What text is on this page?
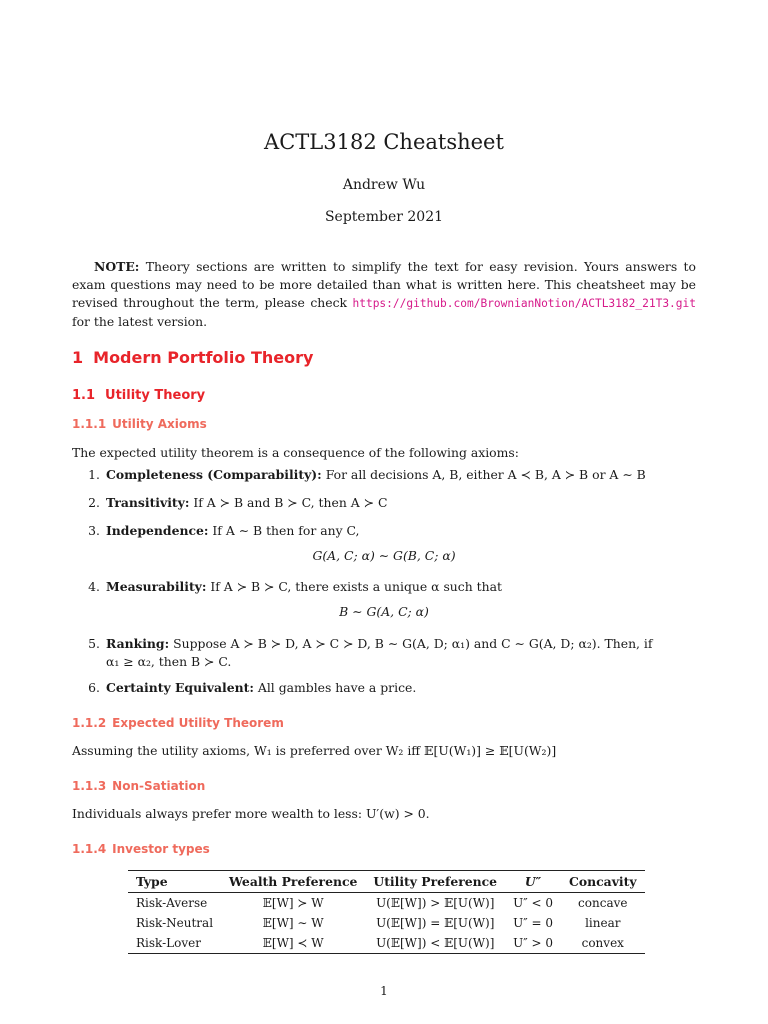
ACTL3182 Cheatsheet
Andrew Wu
September 2021
NOTE: Theory sections are written to simplify the text for easy revision. Yours answers to exam questions may need to be more detailed than what is written here. This cheatsheet may be revised throughout the term, please check https://github.com/BrownianNotion/ACTL3182_21T3.git for the latest version.
1 Modern Portfolio Theory
1.1 Utility Theory
1.1.1 Utility Axioms
The expected utility theorem is a consequence of the following axioms:
1. Completeness (Comparability): For all decisions A, B, either A ≺ B, A ≻ B or A ∼ B
2. Transitivity: If A ≻ B and B ≻ C, then A ≻ C
3. Independence: If A ∼ B then for any C,
G(A, C; α) ∼ G(B, C; α)
4. Measurability: If A ≻ B ≻ C, there exists a unique α such that
B ∼ G(A, C; α)
5. Ranking: Suppose A ≻ B ≻ D, A ≻ C ≻ D, B ∼ G(A, D; α₁) and C ∼ G(A, D; α₂). Then, if
α₁ ≥ α₂, then B ≻ C.
6. Certainty Equivalent: All gambles have a price.
1.1.2 Expected Utility Theorem
Assuming the utility axioms, W₁ is preferred over W₂ iff 𝔼[U(W₁)] ≥ 𝔼[U(W₂)]
1.1.3 Non-Satiation
Individuals always prefer more wealth to less: U′(w) > 0.
1.1.4 Investor types
Type	Wealth Preference	Utility Preference	U″	Concavity
Risk-Averse	𝔼[W] ≻ W	U(𝔼[W]) > 𝔼[U(W)]	U″ < 0	concave
Risk-Neutral	𝔼[W] ∼ W	U(𝔼[W]) = 𝔼[U(W)]	U″ = 0	linear
Risk-Lover	𝔼[W] ≺ W	U(𝔼[W]) < 𝔼[U(W)]	U″ > 0	convex
1
